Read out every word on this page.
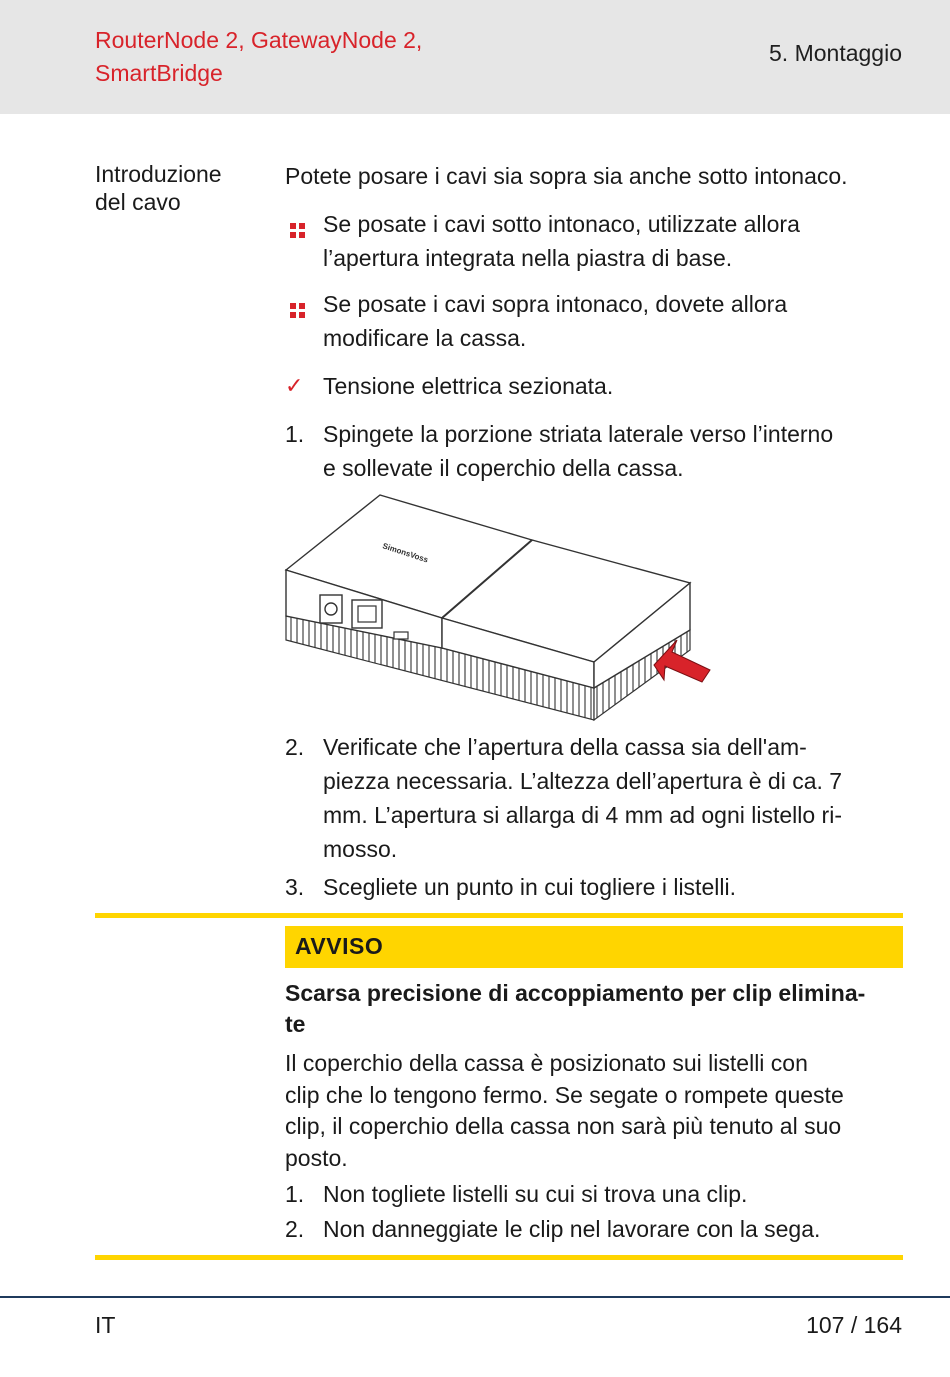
RouterNode 2, GatewayNode 2,
SmartBridge
5. Montaggio
Introduzione
del cavo
Potete posare i cavi sia sopra sia anche sotto intonaco.
Se posate i cavi sotto intonaco, utilizzate allora
l’apertura integrata nella piastra di base.
Se posate i cavi sopra intonaco, dovete allora
modificare la cassa.
✓ Tensione elettrica sezionata.
1. Spingete la porzione striata laterale verso l’interno
e sollevate il coperchio della cassa.
SimonsVoss
2. Verificate che l’apertura della cassa sia dell'am-
piezza necessaria. L’altezza dell’apertura è di ca. 7
mm. L’apertura si allarga di 4 mm ad ogni listello ri-
mosso.
3. Scegliete un punto in cui togliere i listelli.
AVVISO
Scarsa precisione di accoppiamento per clip elimina-
te
Il coperchio della cassa è posizionato sui listelli con
clip che lo tengono fermo. Se segate o rompete queste
clip, il coperchio della cassa non sarà più tenuto al suo
posto.
1. Non togliete listelli su cui si trova una clip.
2. Non danneggiate le clip nel lavorare con la sega.
IT	107 / 164
